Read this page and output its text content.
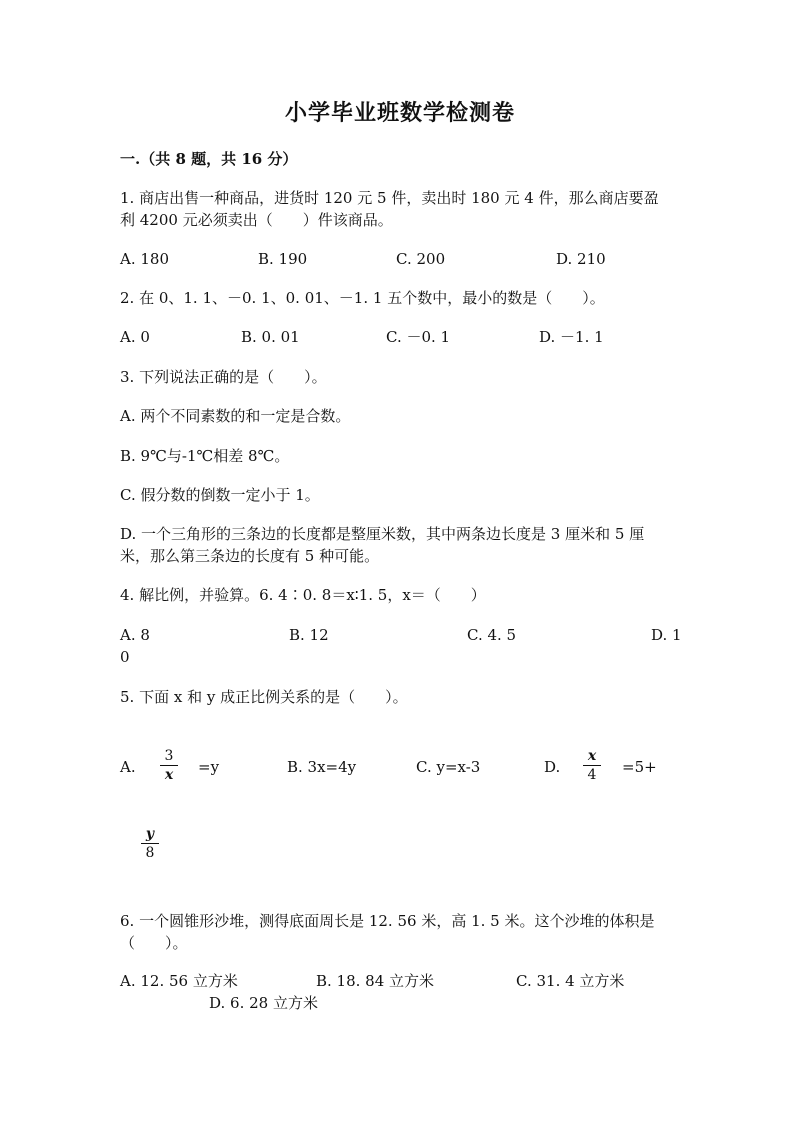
小学毕业班数学检测卷
一.（共 8 题，共 16 分）
1. 商店出售一种商品，进货时 120 元 5 件，卖出时 180 元 4 件，那么商店要盈
利 4200 元必须卖出（　　）件该商品。
A. 180	B. 190	C. 200	D. 210
2. 在 0、1. 1、－0. 1、0. 01、－1. 1 五个数中，最小的数是（　　）。
A. 0	B. 0. 01	C. －0. 1	D. －1. 1
3. 下列说法正确的是（　　）。
A. 两个不同素数的和一定是合数。
B. 9℃与-1℃相差 8℃。
C. 假分数的倒数一定小于 1。
D. 一个三角形的三条边的长度都是整厘米数，其中两条边长度是 3 厘米和 5 厘
米，那么第三条边的长度有 5 种可能。
4. 解比例，并验算。6. 4∶0. 8＝x∶1. 5，x＝（　　）
A. 8	B. 12	C. 4. 5	D. 1
0
5. 下面 x 和 y 成正比例关系的是（　　）。
A.
3
x	=y	B. 3x=4y	C. y=x-3	D.
x
4	=5+
y
8
6. 一个圆锥形沙堆，测得底面周长是 12. 56 米，高 1. 5 米。这个沙堆的体积是
（　　）。
A. 12. 56 立方米	B. 18. 84 立方米	C. 31. 4 立方米
D. 6. 28 立方米
